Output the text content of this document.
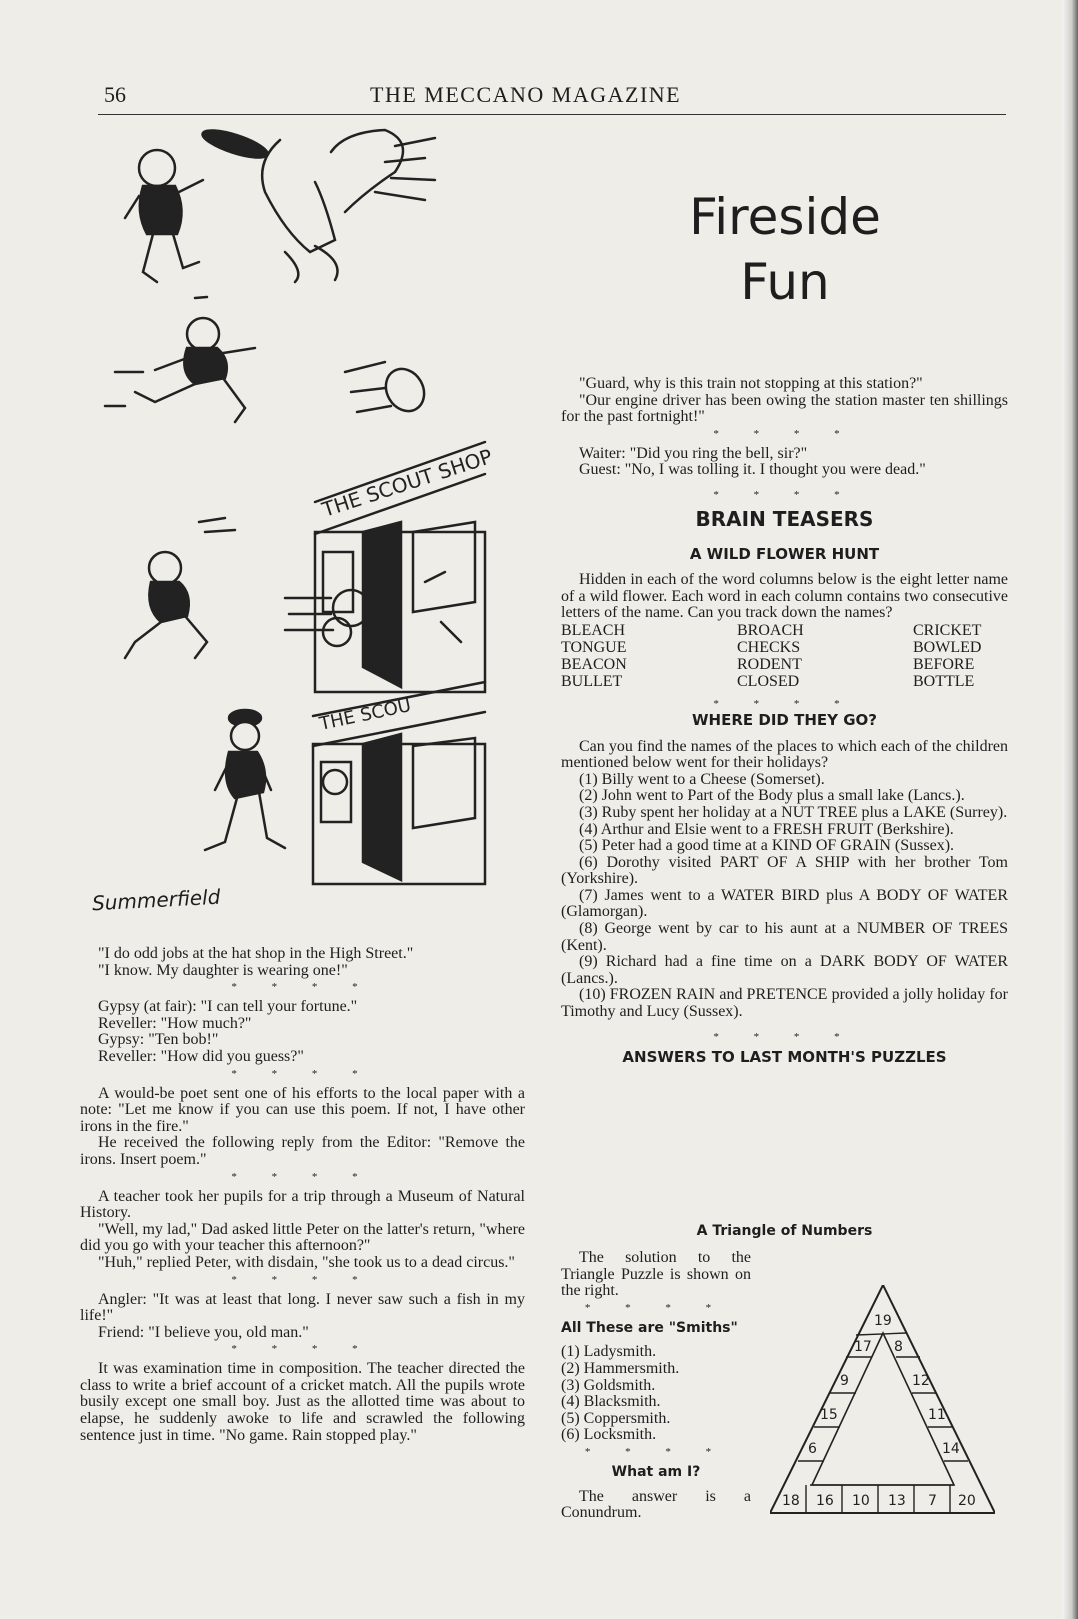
56	THE MECCANO MAGAZINE
THE SCOUT SHOP
THE SCOU
Summerfield
Fireside
Fun

"I do odd jobs at the hat shop in the High Street."

"I know. My daughter is wearing one!"

* * * *

Gypsy (at fair): "I can tell your fortune."

Reveller: "How much?"

Gypsy: "Ten bob!"

Reveller: "How did you guess?"

* * * *

A would-be poet sent one of his efforts to the local paper with a note: "Let me know if you can use this poem. If not, I have other irons in the fire."

He received the following reply from the Editor: "Remove the irons. Insert poem."

* * * *

A teacher took her pupils for a trip through a Museum of Natural History.

"Well, my lad," Dad asked little Peter on the latter's return, "where did you go with your teacher this afternoon?"

"Huh," replied Peter, with disdain, "she took us to a dead circus."

* * * *

Angler: "It was at least that long. I never saw such a fish in my life!"

Friend: "I believe you, old man."

* * * *

It was examination time in composition. The teacher directed the class to write a brief account of a cricket match. All the pupils wrote busily except one small boy. Just as the allotted time was about to elapse, he suddenly awoke to life and scrawled the following sentence just in time. "No game. Rain stopped play."

"Guard, why is this train not stopping at this station?"

"Our engine driver has been owing the station master ten shillings for the past fortnight!"

* * * *

Waiter: "Did you ring the bell, sir?"

Guest: "No, I was tolling it. I thought you were dead."

* * * *
BRAIN TEASERS
A WILD FLOWER HUNT

Hidden in each of the word columns below is the eight letter name of a wild flower. Each word in each column contains two consecutive letters of the name. Can you track down the names?

BLEACH	BROACH	CRICKET
TONGUE	CHECKS	BOWLED
BEACON	RODENT	BEFORE
BULLET	CLOSED	BOTTLE
* * * *
WHERE DID THEY GO?

Can you find the names of the places to which each of the children mentioned below went for their holidays?

(1) Billy went to a Cheese (Somerset).

(2) John went to Part of the Body plus a small lake (Lancs.).

(3) Ruby spent her holiday at a NUT TREE plus a LAKE (Surrey).

(4) Arthur and Elsie went to a FRESH FRUIT (Berkshire).

(5) Peter had a good time at a KIND OF GRAIN (Sussex).

(6) Dorothy visited PART OF A SHIP with her brother Tom (Yorkshire).

(7) James went to a WATER BIRD plus A BODY OF WATER (Glamorgan).

(8) George went by car to his aunt at a NUMBER OF TREES (Kent).

(9) Richard had a fine time on a DARK BODY OF WATER (Lancs.).

(10) FROZEN RAIN and PRETENCE provided a jolly holiday for Timothy and Lucy (Sussex).

* * * *
ANSWERS TO LAST MONTH'S PUZZLES
A Triangle of Numbers

The solution to the Triangle Puzzle is shown on the right.

* * * *
All These are "Smiths"
(1) Ladysmith.
(2) Hammersmith.
(3) Goldsmith.
(4) Blacksmith.
(5) Coppersmith.
(6) Locksmith.
* * * *
What am I?

The answer is a Conundrum.

19
17
9
15
6
8
12
11
14
18 16 10 13 7 20
